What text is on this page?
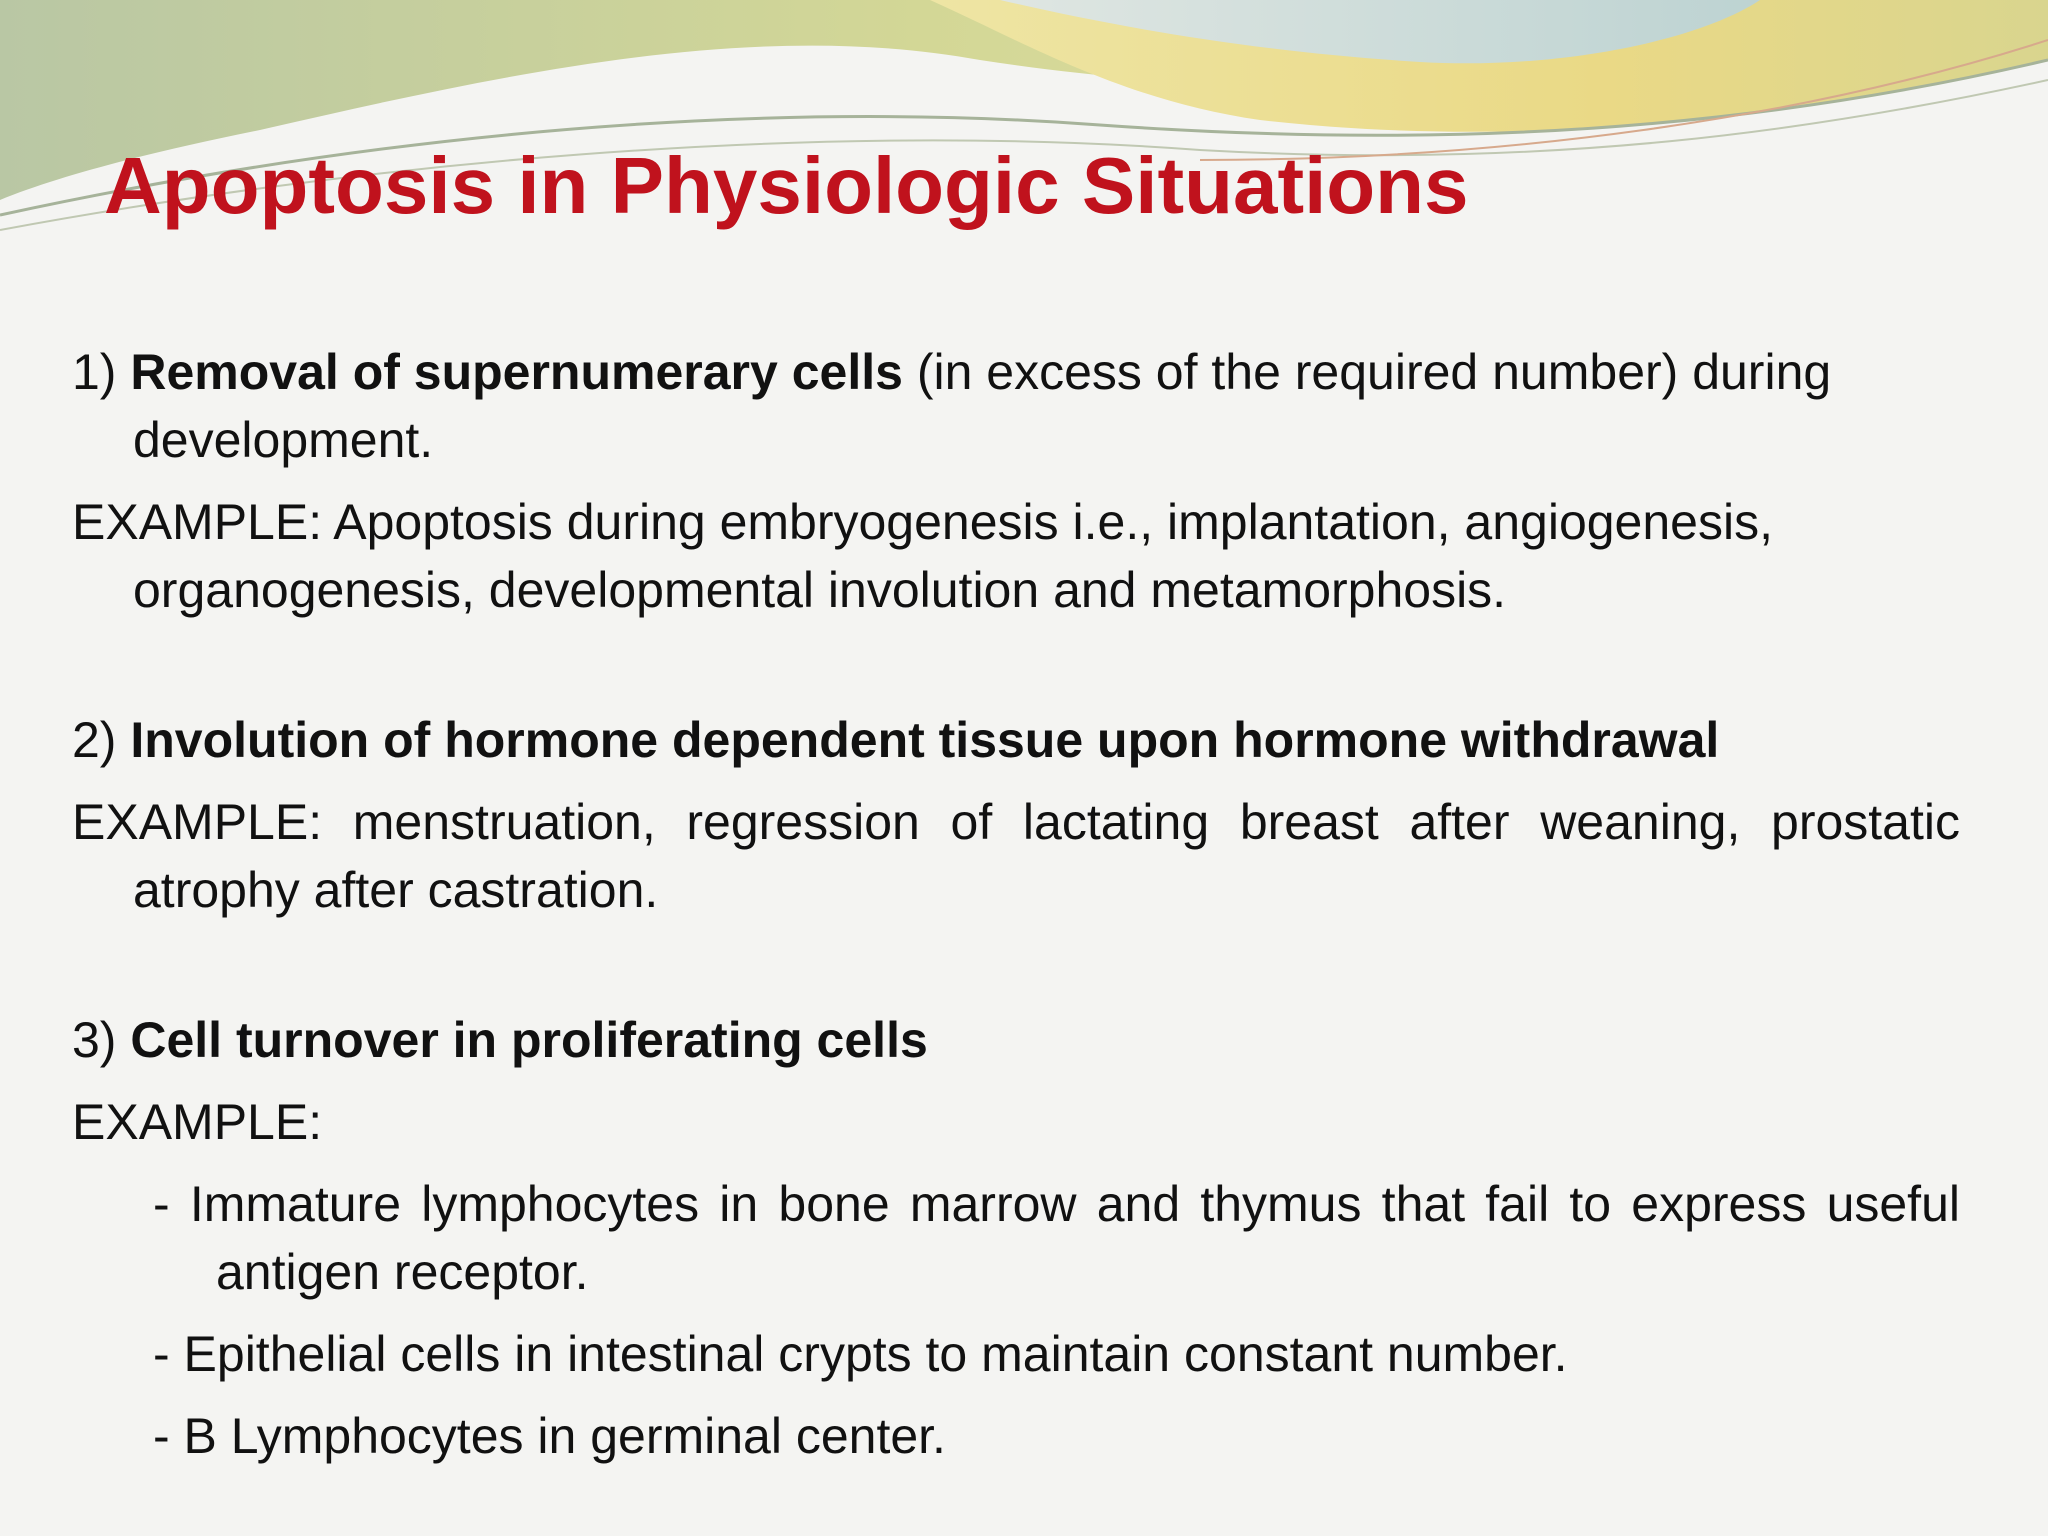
Apoptosis in Physiologic Situations

1) Removal of supernumerary cells (in excess of the required number) during development.

EXAMPLE: Apoptosis during embryogenesis i.e., implantation, angiogenesis, organogenesis, developmental involution and metamorphosis.

2) Involution of hormone dependent tissue upon hormone withdrawal

EXAMPLE: menstruation, regression of lactating breast after weaning, prostatic atrophy after castration.

3) Cell turnover in proliferating cells

EXAMPLE:

- Immature lymphocytes in bone marrow and thymus that fail to express useful antigen receptor.

- Epithelial cells in intestinal crypts to maintain constant number.

- B Lymphocytes in germinal center.
